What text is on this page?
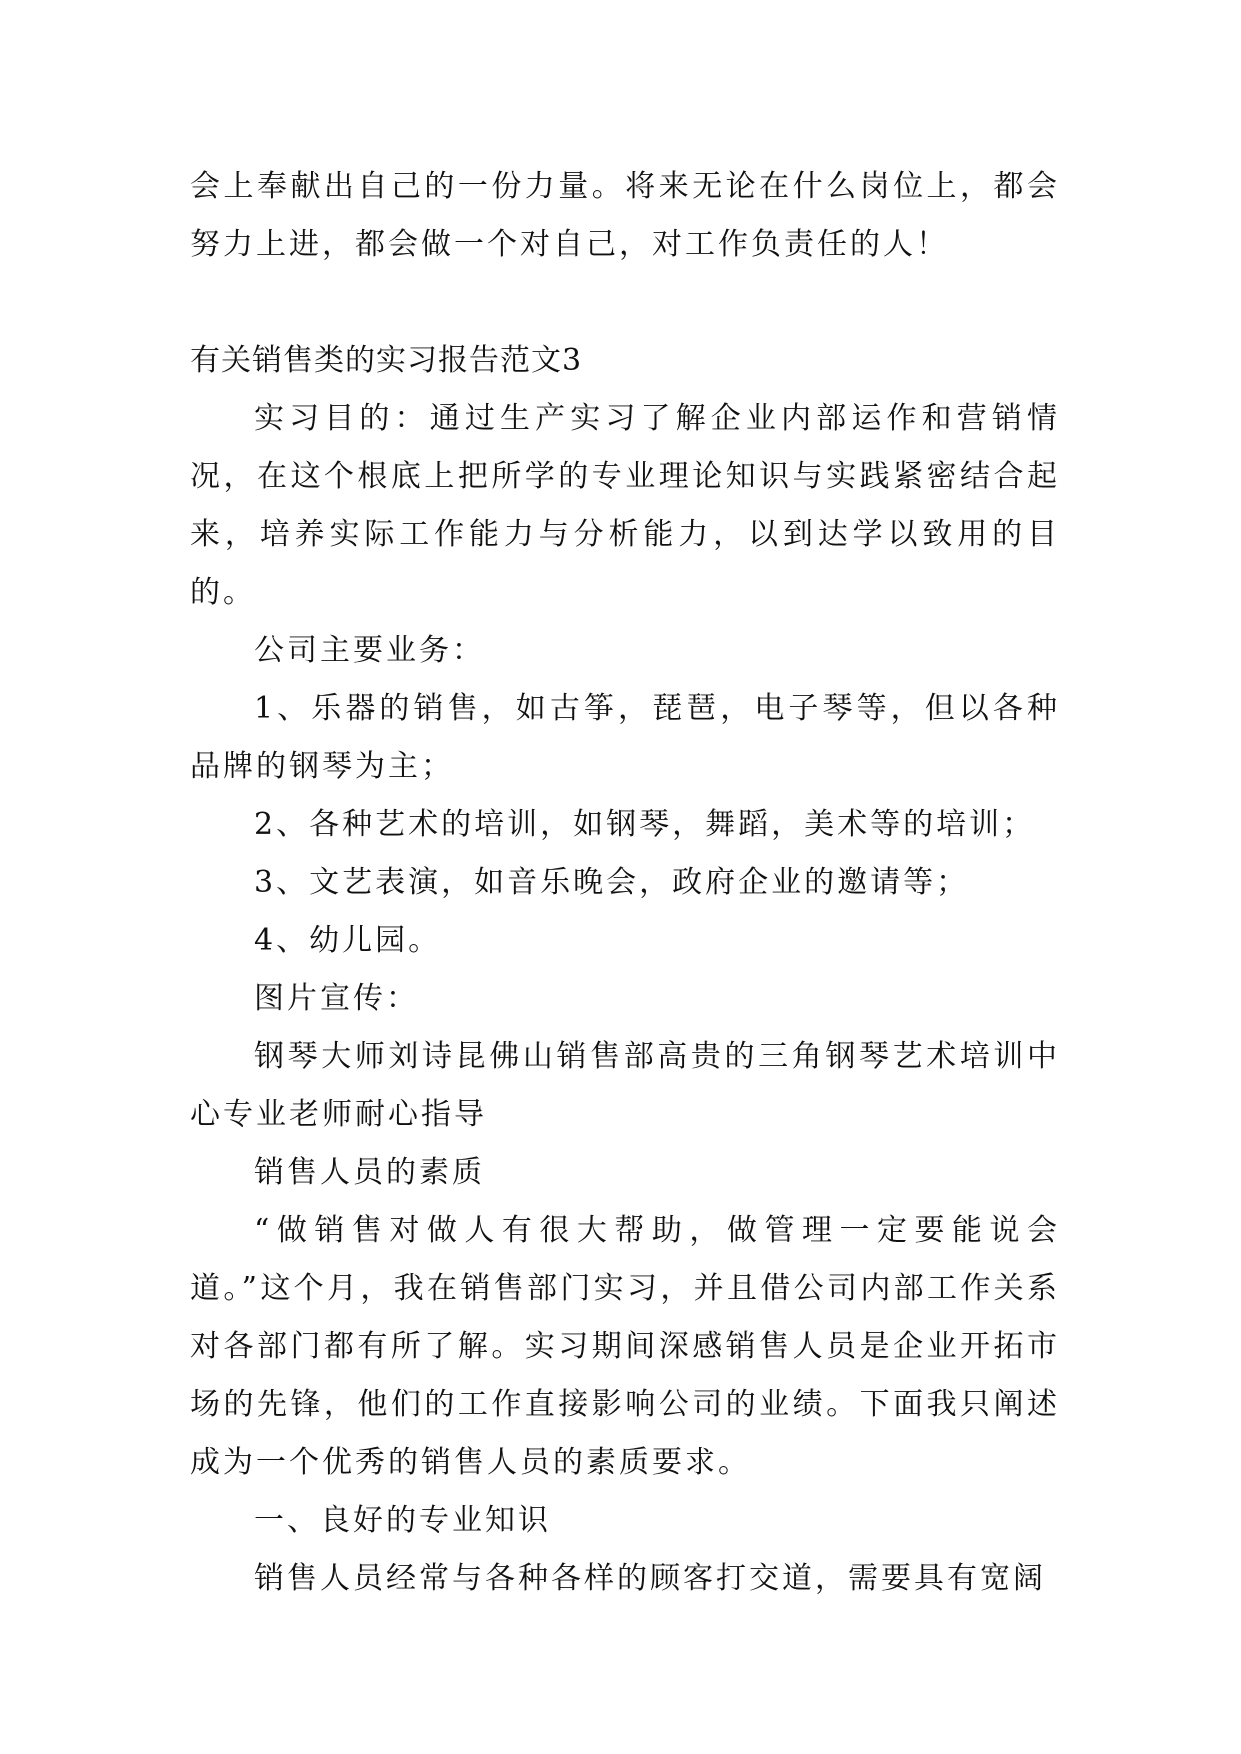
会上奉献出自己的一份力量。将来无论在什么岗位上，都会努力上进，都会做一个对自己，对工作负责任的人！

有关销售类的实习报告范文3

实习目的：通过生产实习了解企业内部运作和营销情况，在这个根底上把所学的专业理论知识与实践紧密结合起来，培养实际工作能力与分析能力，以到达学以致用的目的。

公司主要业务：

1、乐器的销售，如古筝，琵琶，电子琴等，但以各种品牌的钢琴为主；

2、各种艺术的培训，如钢琴，舞蹈，美术等的培训；

3、文艺表演，如音乐晚会，政府企业的邀请等；

4、幼儿园。

图片宣传：

钢琴大师刘诗昆佛山销售部高贵的三角钢琴艺术培训中心专业老师耐心指导

销售人员的素质

“做销售对做人有很大帮助，做管理一定要能说会道。”这个月，我在销售部门实习，并且借公司内部工作关系对各部门都有所了解。实习期间深感销售人员是企业开拓市场的先锋，他们的工作直接影响公司的业绩。下面我只阐述成为一个优秀的销售人员的素质要求。

一、良好的专业知识

销售人员经常与各种各样的顾客打交道，需要具有宽阔
